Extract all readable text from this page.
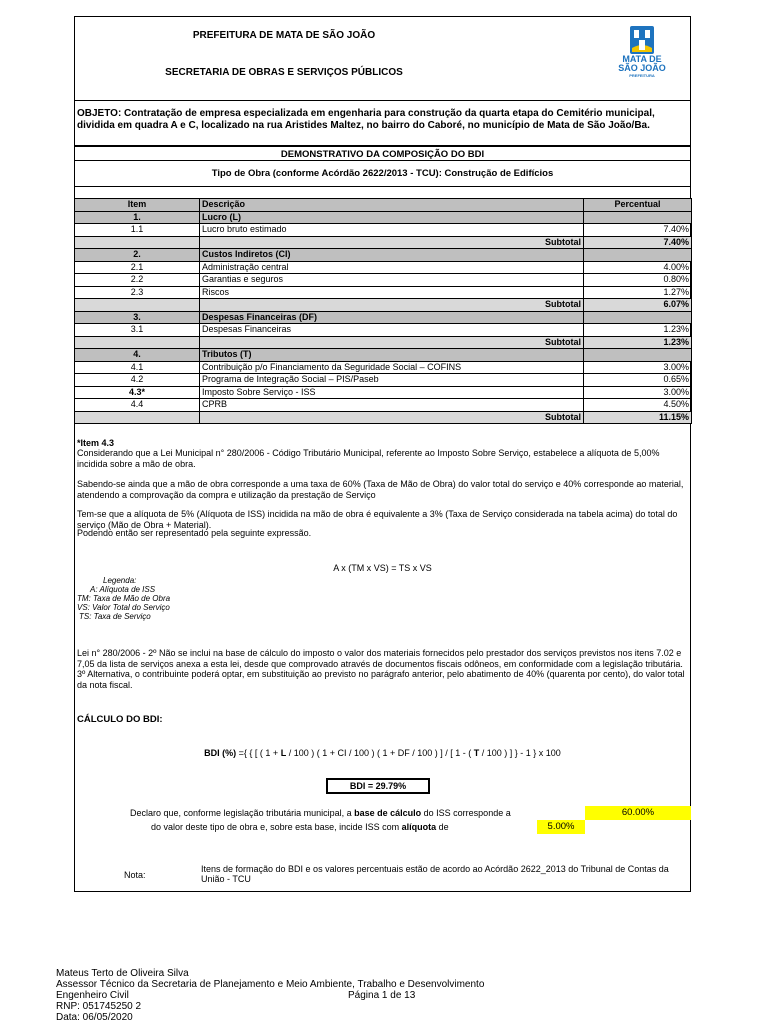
PREFEITURA DE MATA DE SÃO JOÃO
SECRETARIA DE OBRAS E SERVIÇOS PÚBLICOS
MATA DE
SÃO JOÃO
PREFEITURA
OBJETO: Contratação de empresa especializada em engenharia para construção da quarta etapa do Cemitério municipal, dividida em quadra A e C, localizado na rua Aristides Maltez, no bairro do Caboré, no município de Mata de São João/Ba.
DEMONSTRATIVO DA COMPOSIÇÃO DO BDI
Tipo de Obra (conforme Acórdão 2622/2013 - TCU): Construção de Edifícios
Item	Descrição	Percentual
1.	Lucro (L)	
1.1	Lucro bruto estimado	7.40%
	Subtotal	7.40%
2.	Custos Indiretos (CI)	
2.1	Administração central	4.00%
2.2	Garantias e seguros	0.80%
2.3	Riscos	1.27%
	Subtotal	6.07%
3.	Despesas Financeiras (DF)	
3.1	Despesas Financeiras	1.23%
	Subtotal	1.23%
4.	Tributos (T)	
4.1	Contribuição p/o Financiamento da Seguridade Social – COFINS	3.00%
4.2	Programa de Integração Social – PIS/Paseb	0.65%
4.3*	Imposto Sobre Serviço - ISS	3.00%
4.4	CPRB	4.50%
	Subtotal	11.15%
*Item 4.3
Considerando que a Lei Municipal n° 280/2006 - Código Tributário Municipal, referente ao Imposto Sobre Serviço, estabelece a alíquota de 5,00% incidida sobre a mão de obra.
Sabendo-se ainda que a mão de obra corresponde a uma taxa de 60% (Taxa de Mão de Obra) do valor total do serviço e 40% corresponde ao material, atendendo a comprovação da compra e utilização da prestação de Serviço
Tem-se que a alíquota de 5% (Alíquota de ISS) incidida na mão de obra é equivalente a 3% (Taxa de Serviço considerada na tabela acima) do total do serviço (Mão de Obra + Material).
Podendo então ser representado pela seguinte expressão.
A x (TM x VS) = TS x VS
Legenda:
A: Alíquota de ISS
TM: Taxa de Mão de Obra
VS: Valor Total do Serviço
TS: Taxa de Serviço
Lei n° 280/2006 - 2º Não se inclui na base de cálculo do imposto o valor dos materiais fornecidos pelo prestador dos serviços previstos nos itens 7.02 e 7,05 da lista de serviços anexa a esta lei, desde que comprovado através de documentos fiscais odôneos, em conformidade com a legislação tributária. 3º Alternativa, o contribuinte poderá optar, em substituição ao previsto no parágrafo anterior, pelo abatimento de 40% (quarenta por cento), do valor total da nota fiscal.
CÁLCULO DO BDI:
BDI (%) ={ { [ ( 1 + L / 100 ) ( 1 + CI / 100 ) ( 1 + DF / 100 ) ] / [ 1 - ( T / 100 ) ] } - 1 } x 100
BDI = 29.79%
Declaro que, conforme legislação tributária municipal, a base de cálculo do ISS corresponde a	60.00%
do valor deste tipo de obra e, sobre esta base, incide ISS com alíquota de	5.00%
Nota:
Itens de formação do BDI e os valores percentuais estão de acordo ao Acórdão 2622_2013 do Tribunal de Contas da União - TCU
Mateus Terto de Oliveira Silva
Assessor Técnico da Secretaria de Planejamento e Meio Ambiente, Trabalho e Desenvolvimento
Engenheiro Civil	Página 1 de 13
RNP: 051745250 2
Data: 06/05/2020
